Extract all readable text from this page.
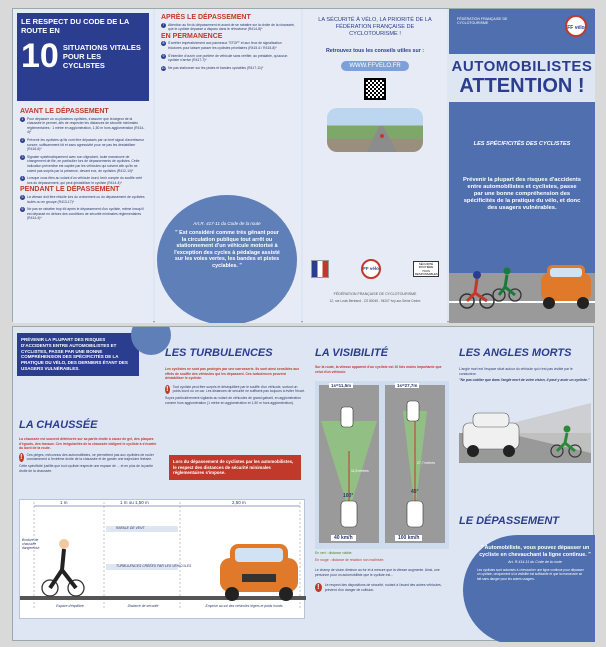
LE RESPECT DU CODE DE LA ROUTE EN
10 SITUATIONS VITALES POUR LES CYCLISTES
AVANT LE DÉPASSEMENT
1	Pour dépasser un ou plusieurs cyclistes, s'assurer que la largeur de la chaussée le permet, afin de respecter les distances de sécurité minimales réglementaires : 1 mètre en agglomération, 1,50 m hors agglomération (R414-4)*
2	Prévenir les cyclistes qu'ils vont être dépassés par un bref signal d'avertisseur sonore, suffisamment tôt et sans agressivité pour ne pas les déstabiliser (R416-6)*
3	Signaler systématiquement avec son clignotant, toute manœuvre de changement de file, en particulier lors de dépassements de cyclistes. Cette indication préventive est captée par les véhicules qui suivent afin qu'ils ne soient pas surpris par la présence, devant eux, de cyclistes (R412-10)*
4	Lorsque vous êtes au volant d'un véhicule lourd, tenir compte du souffle créé lors du dépassement, qui peut déstabiliser le cycliste (R414-4)*
PENDANT LE DÉPASSEMENT
5	La vitesse doit être réduite lors du croisement ou du dépassement de cyclistes isolés ou en groupe (R413-17)*
6	Ne pas se rabattre trop tôt après le dépassement d'un cycliste, même lorsqu'il est dépassé en dehors des conditions de sécurité minimales réglementaires (R414-4)*
APRÈS LE DÉPASSEMENT
7	Attention au fin du dépassement et avant de se rabattre sur la droite de la chaussée, que le cycliste dépassé a disparu dans le rétroviseur (R414-8)*
EN PERMANENCE
8	S'arrêter impérativement aux panneaux "STOP" et aux feux de signalisation tricolores pour laisser passer les cyclistes prioritaires (R415-6 / R415-8)*
9	S'interdire d'ouvrir une portière de véhicule sans vérifier, au préalable, qu'aucun cycliste n'arrive (R417-7)*
10 Ne pas stationner sur les pistes et bandes cyclables (R417-11)*
Art.R. 417-11 du Code de la route
" Est considéré comme très gênant pour la circulation publique tout arrêt ou stationnement d'un véhicule motorisé à l'exception des cycles à pédalage assisté sur les voies vertes, les bandes et pistes cyclables. "
LA SÉCURITÉ À VÉLO, LA PRIORITÉ DE LA FÉDÉRATION FRANÇAISE DE CYCLOTOURISME !
Retrouvez tous les conseils utiles sur :
WWW.FFVELO.FR
FF vélo
SÉCURITÉ ROUTIÈRE TOUS RESPONSABLES
FÉDÉRATION FRANÇAISE DE CYCLOTOURISME
12, rue Louis Bertrand - CS 80045 - 94207 Ivry-sur-Seine Cedex
FÉDÉRATION FRANÇAISE DE CYCLOTOURISME
FF vélo
AUTOMOBILISTES
ATTENTION !
LES SPÉCIFICITÉS DES CYCLISTES
Prévenir la plupart des risques d'accidents entre automobilistes et cyclistes, passe par une bonne compréhension des spécificités de la pratique du vélo, et donc des usagers vulnérables.
PRÉVENIR LA PLUPART DES RISQUES D'ACCIDENTS ENTRE AUTOMOBILISTES ET CYCLISTES, PASSE PAR UNE BONNE COMPRÉHENSION DES SPÉCIFICITÉS DE LA PRATIQUE DU VÉLO, DES DERNIERS ÉTANT DES USAGERS VULNÉRABLES.
LES TURBULENCES
LA CHAUSSÉE

La chaussée est souvent détériorée sur sa partie droite à cause de gel, des plaques d'égouts, des travaux. Ces irrégularités de la chaussée obligent le cycliste à s'écarter du bord de la route.

!	Ces pièges, méconnus des automobilistes, ne permettent pas aux cyclistes de rouler constamment à l'extrême droite de la chaussée et de garder une trajectoire linéaire.

Cette spécificité justifie que tout cycliste respecte une espace de ... et en plus de la partie droite de la chaussée.

Les cyclistes ne sont pas protégés par une carrosserie. Ils sont ainsi sensibles aux effets de souffle des véhicules qui les dépassent. Ces turbulences peuvent déstabiliser le cycliste.

!	Tout cycliste peut être surpris et déséquilibré par le souffle d'un véhicule, surtout un poids lourd ou un car. Les distances de sécurité ne suffisent pas toujours à éviter l'écart.

Soyez particulièrement vigilants au volant de véhicules de grand gabarit, en agglomération comme hors agglomération (1 mètre en agglomération et 1,50 m hors agglomération).

Lors du dépassement de cyclistes par les automobilistes, le respect des distances de sécurité minimales réglementaires s'impose.
1 m	1 m ou 1,50 m	2,50 m
RAFALE DE VENT
TURBULENCES CRÉÉES PAR LES VÉHICULES
Bordure de chaussée dangereuse
Espace d'équilibre	Distance de sécurité	Emprise au sol des véhicules légers et poids lourds
LA VISIBILITÉ
Sur la route, la vitesse apparent d'un cycliste est 10 fois moins importante que celui d'un véhicule.
1s=11,5m	1s=27,7m
11,5 mètres
27,7 mètres
100°
45°
40 km/h	100 km/h

En vert : distance visible.

En rouge : distance de réaction non maîtrisée.

Le champ de vision diminue au fur et à mesure que la vitesse augmente. Ainsi, une personne pour un automobiliste que le cycliste est...

!	Le respect des dispositions de sécurité, roulant à l'avant des autres véhicules, prévient d'un danger de collision.

LES ANGLES MORTS

L'angle mort est l'espace situé autour du véhicule qui n'est pas visible par le conducteur.

"Ne pas oublier que dans l'angle mort de votre vision, il peut y avoir un cycliste."

LE DÉPASSEMENT
" Automobiliste, vous pouvez dépasser un cycliste en chevauchant la ligne continue. "
Art. R.414-11 du Code de la route
Les cyclistes sont autorisés à chevaucher une ligne continue pour dépasser un cycliste, uniquement si la visibilité est suffisante et que la manœuvre se fait sans danger pour les autres usagers.
